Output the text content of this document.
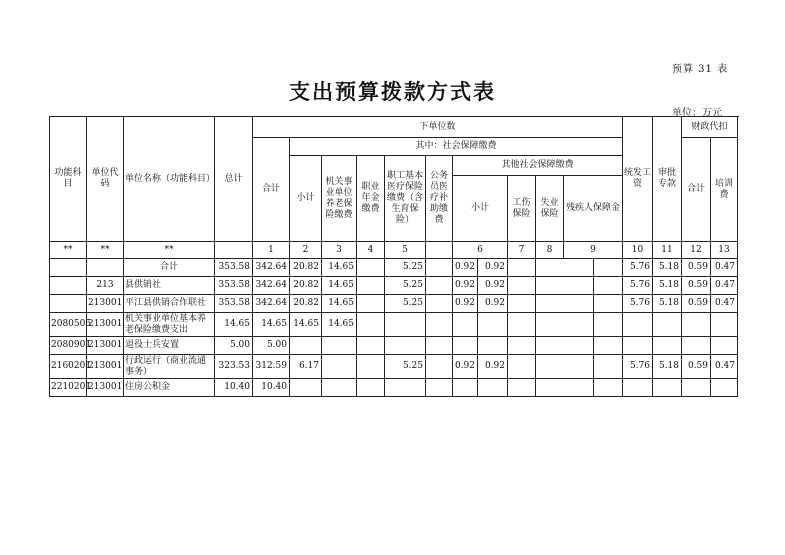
预算 31 表
支出预算拨款方式表
单位：万元
功能科目	单位代码	单位名称（功能科目）	总计	下单位数												统发工资	审批专款	财政代扣		
				合计	其中：社会保障缴费													合计	培训费		
					小计	机关事业单位养老保险缴费	职业年金缴费	职工基本医疗保险缴费（含生育保险）	公务员医疗补助缴费	其他社会保障缴费										
										小计		工伤保险	失业保险	残疾人保障金						
**	**	**		1	2	3	4	5		6		7	8	9		10	11	12	13		
		合计	353.58	342.64	20.82	14.65		5.25		0.92	0.92					5.76	5.18	0.59	0.47	
	213	县供销社	353.58	342.64	20.82	14.65		5.25		0.92	0.92					5.76	5.18	0.59	0.47	
	213001	平江县供销合作联社	353.58	342.64	20.82	14.65		5.25		0.92	0.92					5.76	5.18	0.59	0.47	
2080505	213001	机关事业单位基本养老保险缴费支出	14.65	14.65	14.65	14.65														
2080901	213001	退役士兵安置	5.00	5.00																
2160201	213001	行政运行（商业流通事务）	323.53	312.59	6.17			5.25		0.92	0.92					5.76	5.18	0.59	0.47	
2210201	213001	住房公积金	10.40	10.40																
